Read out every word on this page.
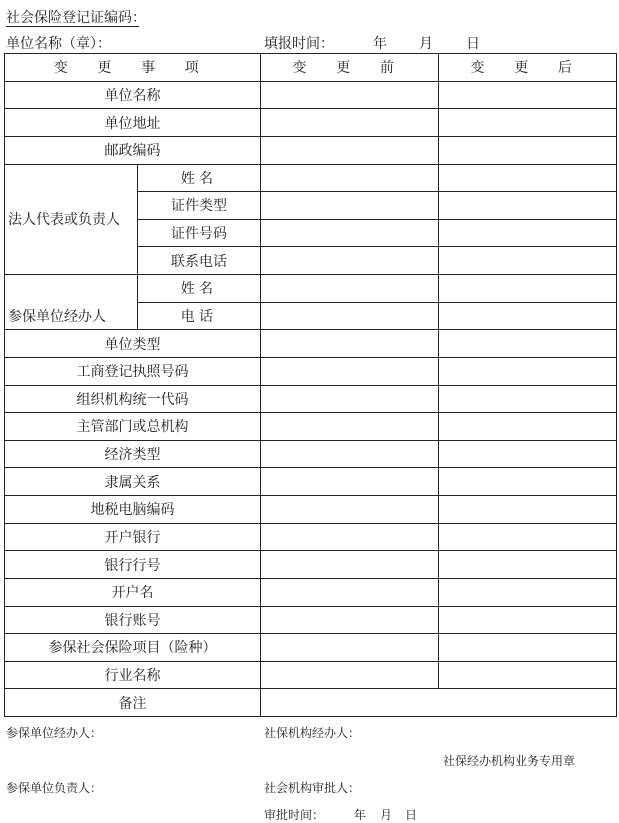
社会保险登记证编码：
单位名称（章）：	填报时间：	年 月 日
变 更 事 项		变 更 前	变 更 后
单位名称			
单位地址			
邮政编码			
法人代表或负责人	姓名		
	证件类型		
	证件号码		
	联系电话		
参保单位经办人	姓名		
	电话		
单位类型			
工商登记执照号码			
组织机构统一代码			
主管部门或总机构			
经济类型			
隶属关系			
地税电脑编码			
开户银行			
银行行号			
开户名			
银行账号			
参保社会保险项目（险种）			
行业名称			
备注			
参保单位经办人：	社保机构经办人：
社保经办机构业务专用章
参保单位负责人：	社会机构审批人：
审批时间： 年 月 日
